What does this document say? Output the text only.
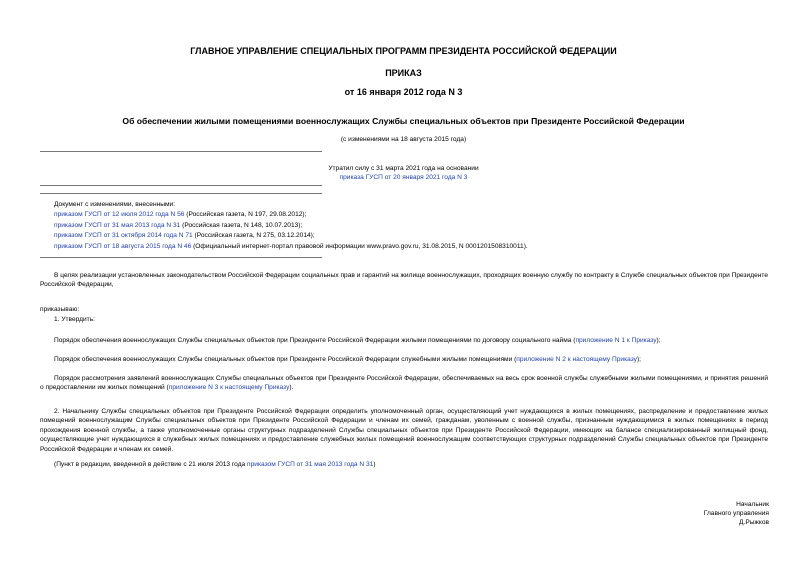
ГЛАВНОЕ УПРАВЛЕНИЕ СПЕЦИАЛЬНЫХ ПРОГРАММ ПРЕЗИДЕНТА РОССИЙСКОЙ ФЕДЕРАЦИИ
ПРИКАЗ
от 16 января 2012 года N 3
Об обеспечении жилыми помещениями военнослужащих Службы специальных объектов при Президенте Российской Федерации
(с изменениями на 18 августа 2015 года)
Утратил силу с 31 марта 2021 года на основании
приказа ГУСП от 20 января 2021 года N 3
Документ с изменениями, внесенными:
приказом ГУСП от 12 июля 2012 года N 56 (Российская газета, N 197, 29.08.2012);
приказом ГУСП от 31 мая 2013 года N 31 (Российская газета, N 148, 10.07.2013);
приказом ГУСП от 31 октября 2014 года N 71 (Российская газета, N 275, 03.12.2014);
приказом ГУСП от 18 августа 2015 года N 46 (Официальный интернет-портал правовой информации www.pravo.gov.ru, 31.08.2015, N 0001201508310011).
В целях реализации установленных законодательством Российской Федерации социальных прав и гарантий на жилище военнослужащих, проходящих военную службу по контракту в Службе специальных объектов при Президенте Российской Федерации,
приказываю:
1. Утвердить:
Порядок обеспечения военнослужащих Службы специальных объектов при Президенте Российской Федерации жилыми помещениями по договору социального найма (приложение N 1 к Приказу);
Порядок обеспечения военнослужащих Службы специальных объектов при Президенте Российской Федерации служебными жилыми помещениями (приложение N 2 к настоящему Приказу);
Порядок рассмотрения заявлений военнослужащих Службы специальных объектов при Президенте Российской Федерации, обеспечиваемых на весь срок военной службы служебными жилыми помещениями, и принятия решений о предоставлении им жилых помещений (приложение N 3 к настоящему Приказу).
2. Начальнику Службы специальных объектов при Президенте Российской Федерации определить уполномоченный орган, осуществляющий учет нуждающихся в жилых помещениях, распределение и предоставление жилых помещений военнослужащим Службы специальных объектов при Президенте Российской Федерации и членам их семей, гражданам, уволенным с военной службы, признанным нуждающимися в жилых помещениях в период прохождения военной службы, а также уполномоченные органы структурных подразделений Службы специальных объектов при Президенте Российской Федерации, имеющих на балансе специализированный жилищный фонд, осуществляющие учет нуждающихся в служебных жилых помещениях и предоставление служебных жилых помещений военнослужащим соответствующих структурных подразделений Службы специальных объектов при Президенте Российской Федерации и членам их семей.
(Пункт в редакции, введенной в действие с 21 июля 2013 года приказом ГУСП от 31 мая 2013 года N 31)
Начальник
Главного управления
Д.Рыжков
